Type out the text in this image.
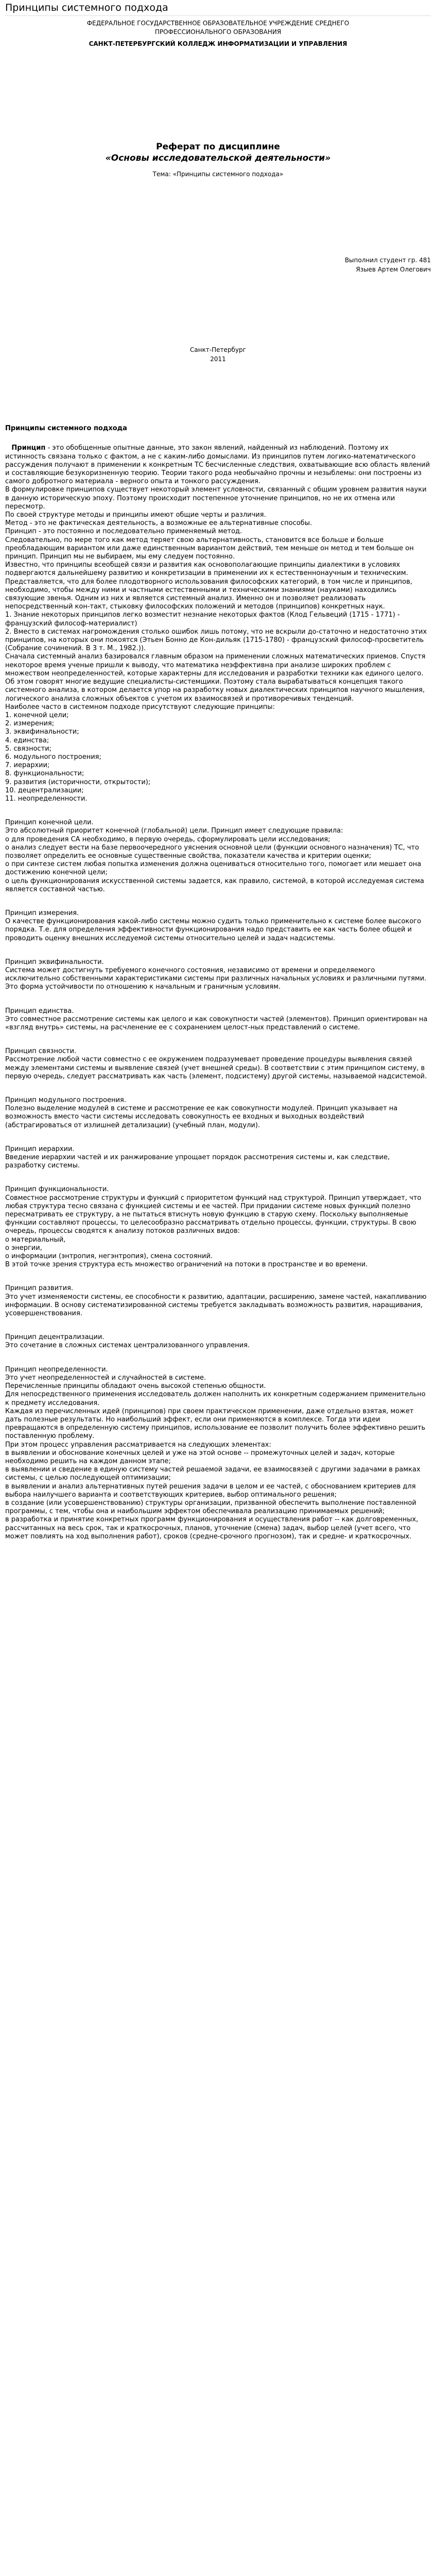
Принципы системного подхода
ФЕДЕРАЛЬНОЕ ГОСУДАРСТВЕННОЕ ОБРАЗОВАТЕЛЬНОЕ УЧРЕЖДЕНИЕ СРЕДНЕГО
ПРОФЕССИОНАЛЬНОГО ОБРАЗОВАНИЯ
САНКТ-ПЕТЕРБУРГСКИЙ КОЛЛЕДЖ ИНФОРМАТИЗАЦИИ И УПРАВЛЕНИЯ
Реферат по дисциплине
«Основы исследовательской деятельности»
Тема: «Принципы системного подхода»
Выполнил студент гр. 481
Языев Артем Олегович
Санкт-Петербург
2011
Принципы системного подхода

Принцип - это обобщенные опытные данные, это закон явлений, найденный из наблюдений. Поэтому их истинность связана только с фактом, а не с каким-либо домыслами. Из принципов путем логико-математического рассуждения получают в применении к конкретным ТС бесчисленные следствия, охватывающие всю область явлений и составляющие безукоризненную теорию. Теории такого рода необычайно прочны и незыблемы: они построены из самого добротного материала - верного опыта и тонкого рассуждения.

В формулировке принципов существует некоторый элемент условности, связанный с общим уровнем развития науки в данную историческую эпоху. Поэтому происходит постепенное уточнение принципов, но не их отмена или пересмотр.

По своей структуре методы и принципы имеют общие черты и различия.

Метод - это не фактическая деятельность, а возможные ее альтернативные способы.

Принцип - это постоянно и последовательно применяемый метод.

Следовательно, по мере того как метод теряет свою альтернативность, становится все больше и больше преобладающим вариантом или даже единственным вариантом действий, тем меньше он метод и тем больше он принцип. Принцип мы не выбираем, мы ему следуем постоянно.

Известно, что принципы всеобщей связи и развития как основополагающие принципы диалектики в условиях подвергаются дальнейшему развитию и конкретизации в применении их к естественнонаучным и техническим. Представляется, что для более плодотворного использования философских категорий, в том числе и принципов, необходимо, чтобы между ними и частными естественными и техническими знаниями (науками) находились связующие звенья. Одним из них и является системный анализ. Именно он и позволяет реализовать непосредственный кон-такт, стыковку философских положений и методов (принципов) конкретных наук.

1. Знание некоторых принципов легко возместит незнание некоторых фактов (Клод Гельвеций (1715 - 1771) - французский философ-материалист)

2. Вместо в системах нагромождения столько ошибок лишь потому, что не вскрыли до-статочно и недостаточно этих принципов, на которых они покоятся (Этьен Бонно де Кон-дильяк (1715-1780) - французский философ-просветитель (Собрание сочинений. В 3 т. М., 1982.)).

Сначала системный анализ базировался главным образом на применении сложных математических приемов. Спустя некоторое время ученые пришли к выводу, что математика неэффективна при анализе широких проблем с множеством неопределенностей, которые характерны для исследования и разработки техники как единого целого. Об этом говорят многие ведущие специалисты-системщики. Поэтому стала вырабатываться концепция такого системного анализа, в котором делается упор на разработку новых диалектических принципов научного мышления, логического анализа сложных объектов с учетом их взаимосвязей и противоречивых тенденций.

Наиболее часто в системном подходе присутствуют следующие принципы:

1. конечной цели;

2. измерения;

3. эквифинальности;

4. единства;

5. связности;

6. модульного построения;

7. иерархии;

8. функциональности;

9. развития (историчности, открытости);

10. децентрализации;

11. неопределенности.

Принцип конечной цели.

Это абсолютный приоритет конечной (глобальной) цели. Принцип имеет следующие правила:

о для проведения СА необходимо, в первую очередь, сформулировать цели исследования;

о анализ следует вести на базе первоочередного уяснения основной цели (функции основного назначения) ТС, что позволяет определить ее основные существенные свойства, показатели качества и критерии оценки;

о при синтезе систем любая попытка изменения должна оцениваться относительно того, помогает или мешает она достижению конечной цели;

о цель функционирования искусственной системы задается, как правило, системой, в которой исследуемая система является составной частью.

Принцип измерения.

О качестве функционирования какой-либо системы можно судить только применительно к системе более высокого порядка. Т.е. для определения эффективности функционирования надо представить ее как часть более общей и проводить оценку внешних исследуемой системы относительно целей и задач надсистемы.

Принцип эквифинальности.

Система может достигнуть требуемого конечного состояния, независимо от времени и определяемого исключительно собственными характеристиками системы при различных начальных условиях и различными путями. Это форма устойчивости по отношению к начальным и граничным условиям.

Принцип единства.

Это совместное рассмотрение системы как целого и как совокупности частей (элементов). Принцип ориентирован на «взгляд внутрь» системы, на расчленение ее с сохранением целост-ных представлений о системе.

Принцип связности.

Рассмотрение любой части совместно с ее окружением подразумевает проведение процедуры выявления связей между элементами системы и выявление связей (учет внешней среды). В соответствии с этим принципом систему, в первую очередь, следует рассматривать как часть (элемент, подсистему) другой системы, называемой надсистемой.

Принцип модульного построения.

Полезно выделение модулей в системе и рассмотрение ее как совокупности модулей. Принцип указывает на возможность вместо части системы исследовать совокупность ее входных и выходных воздействий (абстрагироваться от излишней детализации) (учебный план, модули).

Принцип иерархии.

Введение иерархии частей и их ранжирование упрощает порядок рассмотрения системы и, как следствие, разработку системы.

Принцип функциональности.

Совместное рассмотрение структуры и функций с приоритетом функций над структурой. Принцип утверждает, что любая структура тесно связана с функцией системы и ее частей. При придании системе новых функций полезно пересматривать ее структуру, а не пытаться втиснуть новую функцию в старую схему. Поскольку выполняемые функции составляют процессы, то целесообразно рассматривать отдельно процессы, функции, структуры. В свою очередь, процессы сводятся к анализу потоков различных видов:

о материальный,

о энергии,

о информации (энтропия, негэнтропия), смена состояний.

В этой точке зрения структура есть множество ограничений на потоки в пространстве и во времени.

Принцип развития.

Это учет изменяемости системы, ее способности к развитию, адаптации, расширению, замене частей, накапливанию информации. В основу систематизированной системы требуется закладывать возможность развития, наращивания, усовершенствования.

Принцип децентрализации.

Это сочетание в сложных системах централизованного управления.

Принцип неопределенности.

Это учет неопределенностей и случайностей в системе.

Перечисленные принципы обладают очень высокой степенью общности.

Для непосредственного применения исследователь должен наполнить их конкретным содержанием применительно к предмету исследования.

Каждая из перечисленных идей (принципов) при своем практическом применении, даже отдельно взятая, может дать полезные результаты. Но наибольший эффект, если они применяются в комплексе. Тогда эти идеи превращаются в определенную систему принципов, использование ее позволит получить более эффективно решить поставленную проблему.

При этом процесс управления рассматривается на следующих элементах:

в выявлении и обоснование конечных целей и уже на этой основе -- промежуточных целей и задач, которые необходимо решить на каждом данном этапе;

в выявлении и сведение в единую систему частей решаемой задачи, ее взаимосвязей с другими задачами в рамках системы, с целью последующей оптимизации;

в выявлении и анализ альтернативных путей решения задачи в целом и ее частей, с обоснованием критериев для выбора наилучшего варианта и соответствующих критериев, выбор оптимального решения;

в создание (или усовершенствованию) структуры организации, призванной обеспечить выполнение поставленной программы, с тем, чтобы она и наибольшим эффектом обеспечивала реализацию принимаемых решений;

в разработка и принятие конкретных программ функционирования и осуществления работ -- как долговременных, рассчитанных на весь срок, так и краткосрочных, планов, уточнение (смена) задач, выбор целей (учет всего, что может повлиять на ход выполнения работ), сроков (средне-срочного прогнозом), так и средне- и краткосрочных.
